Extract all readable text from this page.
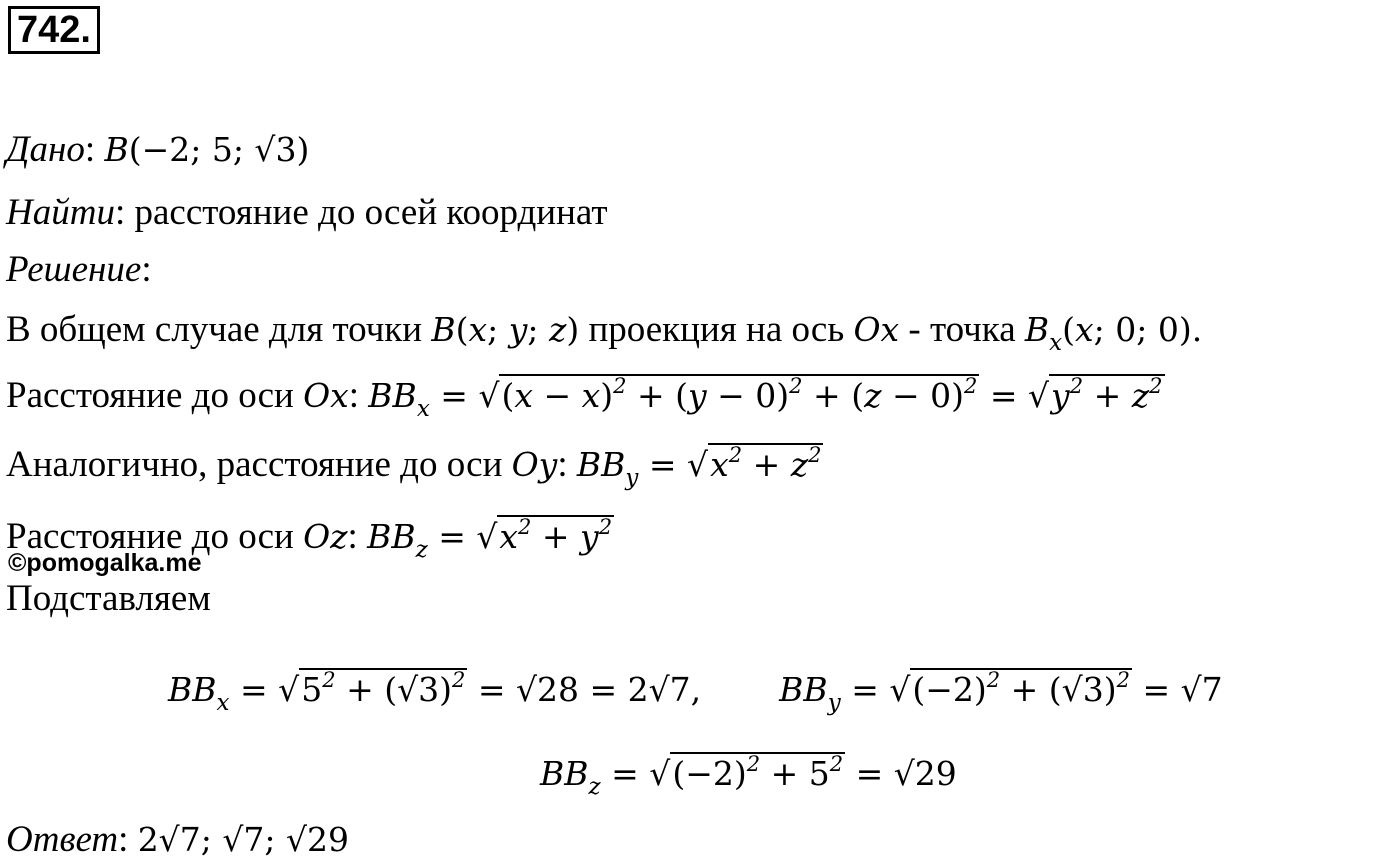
742.
Дано: B(−2; 5; √3)
Найти: расстояние до осей координат
Решение:
В общем случае для точки B(x; y; z) проекция на ось Ox - точка $B_x(x$; 0; 0).
Расстояние до оси Ox: $BB_x = √(x - x)^2 + (y - 0)^2 + (z - 0)^2 = √y^2 + z^2$
Аналогично, расстояние до оси Oy: $BB_y = √x^2 + z^2$
Расстояние до оси Oz: $BB_z = √x^2 + y^2$
©pomogalka.me
Подставляем
$BB_x = √5^2 + (√3)^2 = √28 = 2√7$, $BB_y = √(-2)^2 + (√3)^2 = √7$
$BB_z = √(-2)^2 + 5^2 = √29$
Ответ: 2√7; √7; √29
